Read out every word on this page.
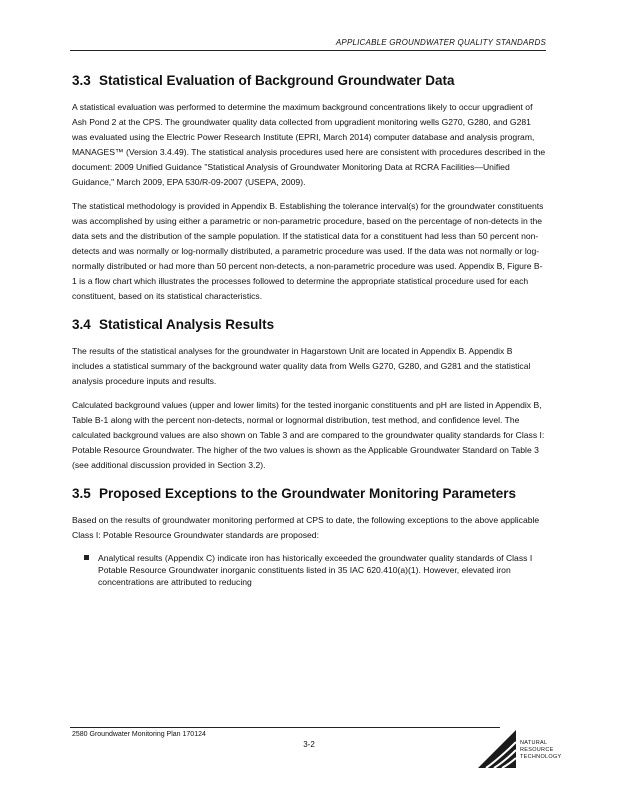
APPLICABLE GROUNDWATER QUALITY STANDARDS
3.3 Statistical Evaluation of Background Groundwater Data

A statistical evaluation was performed to determine the maximum background concentrations likely to occur upgradient of Ash Pond 2 at the CPS. The groundwater quality data collected from upgradient monitoring wells G270, G280, and G281 was evaluated using the Electric Power Research Institute (EPRI, March 2014) computer database and analysis program, MANAGES™ (Version 3.4.49). The statistical analysis procedures used here are consistent with procedures described in the document: 2009 Unified Guidance "Statistical Analysis of Groundwater Monitoring Data at RCRA Facilities—Unified Guidance," March 2009, EPA 530/R-09-2007 (USEPA, 2009).

The statistical methodology is provided in Appendix B. Establishing the tolerance interval(s) for the groundwater constituents was accomplished by using either a parametric or non-parametric procedure, based on the percentage of non-detects in the data sets and the distribution of the sample population. If the statistical data for a constituent had less than 50 percent non-detects and was normally or log-normally distributed, a parametric procedure was used. If the data was not normally or log-normally distributed or had more than 50 percent non-detects, a non-parametric procedure was used. Appendix B, Figure B-1 is a flow chart which illustrates the processes followed to determine the appropriate statistical procedure used for each constituent, based on its statistical characteristics.

3.4 Statistical Analysis Results

The results of the statistical analyses for the groundwater in Hagarstown Unit are located in Appendix B. Appendix B includes a statistical summary of the background water quality data from Wells G270, G280, and G281 and the statistical analysis procedure inputs and results.

Calculated background values (upper and lower limits) for the tested inorganic constituents and pH are listed in Appendix B, Table B-1 along with the percent non-detects, normal or lognormal distribution, test method, and confidence level. The calculated background values are also shown on Table 3 and are compared to the groundwater quality standards for Class I: Potable Resource Groundwater. The higher of the two values is shown as the Applicable Groundwater Standard on Table 3 (see additional discussion provided in Section 3.2).

3.5 Proposed Exceptions to the Groundwater Monitoring Parameters

Based on the results of groundwater monitoring performed at CPS to date, the following exceptions to the above applicable Class I: Potable Resource Groundwater standards are proposed:

Analytical results (Appendix C) indicate iron has historically exceeded the groundwater quality standards of Class I Potable Resource Groundwater inorganic constituents listed in 35 IAC 620.410(a)(1). However, elevated iron concentrations are attributed to reducing
2580 Groundwater Monitoring Plan 170124
3-2	NATURAL
RESOURCE
TECHNOLOGY
